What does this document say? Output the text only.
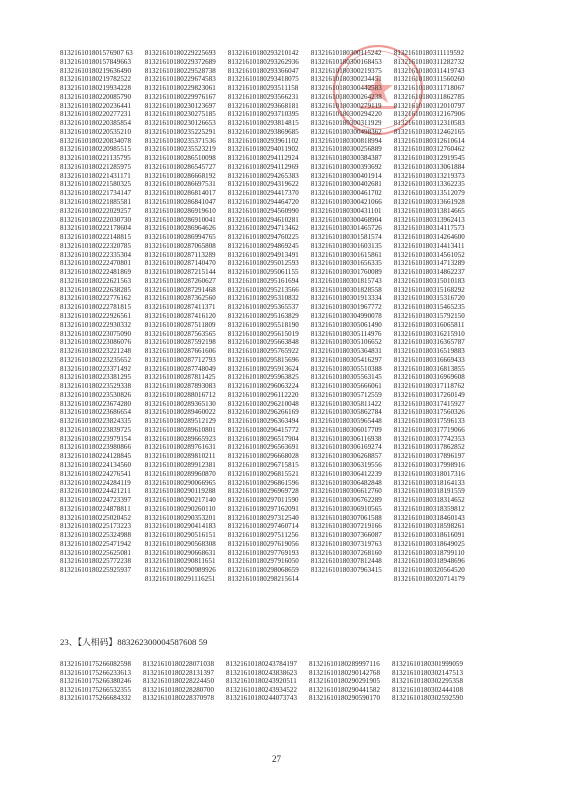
813216101801576907 63
81321610180157849663
81321610180219636490
81321610180219782522
81321610180219934228
81321610180220085790
81321610180220236441
81321610180220277231
81321610180220385854
81321610180220535210
81321610180220834078
81321610180220985515
81321610180221135795
81321610180221285975
81321610180221431171
81321610180221580325
81321610180221734147
81321610180221885581
81321610180222029257
81321610180222030730
81321610180222178604
81321610180222148815
81321610180222320785
81321610180222335304
81321610180222470801
81321610180222481869
81321610180222621563
81321610180222638285
81321610180222776162
81321610180222781815
81321610180222926561
81321610180222930332
81321610180223075090
81321610180223086076
81321610180223221248
81321610180223235652
81321610180223371492
81321610180223381295
81321610180223529338
81321610180223530826
81321610180223674280
81321610180223686654
81321610180223824335
81321610180223839725
81321610180223979154
81321610180223980866
81321610180224128845
81321610180224134560
81321610180224276541
81321610180224284119
81321610180224421211
81321610180224723397
81321610180224878811
81321610180225020452
81321610180225173223
81321610180225324988
81321610180225471942
81321610180225625081
81321610180225772238
81321610180225925937
81321610180229225693
81321610180229372689
81321610180229528738
81321610180229674583
81321610180229823061
81321610180229976167
81321610180230123697
81321610180230275185
81321610180230126653
81321610180235225291
81321610180235371536
81321610180235523219
81321610180286510098
81321610180286545727
81321610180286668192
81321610180286697531
81321610180286814017
81321610180286841047
81321610180286919610
81321610180286910041
81321610180286964626
81321610180286994765
81321610180287065808
81321610180287113289
81321610180287140470
81321610180287215144
81321610180287260627
81321610180287291468
81321610180287362560
81321610180287411371
81321610180287416120
81321610180287511809
81321610180287563565
81321610180287592198
81321610180287661606
81321610180287712793
81321610180287748049
81321610180287811425
81321610180287893083
81321610180288016712
81321610180289365130
81321610180289460022
81321610180289512129
81321610180289610801
81321610180289665923
81321610180289761631
81321610180289810211
81321610180289912381
81321610180289960870
81321610180290066965
81321610180290119288
81321610180290217140
81321610180290260110
81321610180290353201
81321610180290414183
81321610180290516151
81321610180290568308
81321610180290668631
81321610180290811651
81321610180290989926
81321610180291116251
81321610180293210142
81321610180293262936
81321610180293366047
81321610180293418075
81321610180293511158
81321610180293566231
81321610180293668181
81321610180293710395
81321610180293814815
81321610180293869685
81321610180293961102
81321610180294011902
81321610180294112924
81321610180294112969
81321610180294265383
81321610180294319622
81321610180294417370
81321610180294464720
81321610180294560990
81321610180294610281
81321610180294713462
81321610180294760225
81321610180294869245
81321610180294913491
81321610180295012593
81321610180295061155
81321610180295161694
81321610180295213566
81321610180295310832
81321610180295365537
81321610180295163829
81321610180295518190
81321610180295615019
81321610180295663848
81321610180295765922
81321610180295815696
81321610180295913624
81321610180295963825
81321610180296063224
81321610180296112220
81321610180296210048
81321610180296266169
81321610180296363494
81321610180296415772
81321610180296517904
81321610180296563691
81321610180296668028
81321610180296715815
81321610180296815521
81321610180296861596
81321610180296969728
81321610180297011590
81321610180297162091
81321610180297312540
81321610180297460714
81321610180297511256
81321610180297619056
81321610180297769193
81321610180297916050
81321610180298068659
81321610180298215614
81321610180300115242
81321610180300168453
81321610180300219375
81321610180300234451
81321610180300442583
81321610180300264238
81321610180300279119
81321610180300294220
81321610180300311929
81321610180300498362
81321610180300818994
81321610180300256889
81321610180300384387
81321610180300393692
81321610180300401914
81321610180300402681
81321610180300461702
81321610180300421066
81321610180300431101
81321610180300468904
81321610180301465726
81321610180301581574
81321610180301603135
81321610180301615861
81321610180301656335
81321610180301760089
81321610180301815743
81321610180301828558
81321610180301913334
81321610180301967772
81321610180304990078
81321610180305061490
81321610180305114976
81321610180305106652
81321610180305364831
81321610180305416297
81321610180305510388
81321610180305563145
81321610180305666061
81321610180305712559
81321610180305811422
81321610180305862784
81321610180305965448
81321610180306017709
81321610180306116938
81321610180306169274
81321610180306268857
81321610180306319556
81321610180306412239
81321610180306482848
81321610180306612760
81321610180306762289
81321610180306910565
81321610180307061588
81321610180307219166
81321610180307366087
81321610180307319763
81321610180307268160
81321610180307812448
81321610180307963415
81321610180311119592
81321610180311282732
81321610180311419743
81321610180311560260
81321610180311718067
81321610180311862785
81321610180312010797
81321610180312167906
81321610180312310583
81321610180312462165
81321610180312610614
81321610180312760462
81321610180312919545
81321610180313061884
81321610180313219373
81321610180313362235
81321610180313512079
81321610180313661928
81321610180313814665
81321610180313962413
81321610180314117573
81321610180314264600
81321610180314413411
81321610180314561052
81321610180314713289
81321610180314862237
81321610180315010183
81321610180315168292
81321610180315316720
81321610180315465235
81321610180315792150
81321610180316065811
81321610180316215910
81321610180316365787
81321610180316519883
81321610180316669433
81321610180316813855
81321610180316969608
81321610180317118762
81321610180317260149
81321610180317415927
81321610180317560326
81321610180317596133
81321610180317719066
81321610180317742353
81321610180317862852
81321610180317896197
81321610180317998916
81321610180318017316
81321610180318164133
81321610180318191559
81321610180318314652
81321610180318359812
81321610180318460143
81321610180318598261
81321610180318616091
81321610180318649025
81321610180318799110
81321610180318948696
81321610180320564520
81321610180320714179
23、【人相码】883262300004587608 59
81321610175266082598
81321610175266233613
81321610175266380246
81321610175266532355
81321610175266684332
81321610180228071038
81321610180228131397
81321610180228224450
81321610180228280700
81321610180228370978
81321610180243784197
81321610180243838623
81321610180243920511
81321610180243934522
81321610180244073743
81321610180289997116
81321610180290142768
81321610180290291905
81321610180290441582
81321610180290590170
81321610180301999059
81321610180302147513
81321610180302295358
81321610180302444108
81321610180302592590
27
